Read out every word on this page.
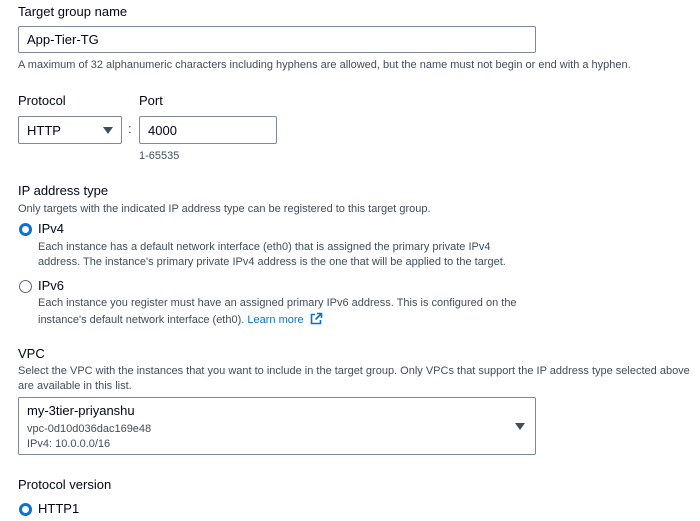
Target group name
App-Tier-TG
A maximum of 32 alphanumeric characters including hyphens are allowed, but the name must not begin or end with a hyphen.
Protocol
HTTP	:
Port
4000
1-65535
IP address type
Only targets with the indicated IP address type can be registered to this target group.
IPv4
Each instance has a default network interface (eth0) that is assigned the primary private IPv4
address. The instance's primary private IPv4 address is the one that will be applied to the target.
IPv6
Each instance you register must have an assigned primary IPv6 address. This is configured on the
instance's default network interface (eth0). Learn more
VPC
Select the VPC with the instances that you want to include in the target group. Only VPCs that support the IP address type selected above
are available in this list.
my-3tier-priyanshu
vpc-0d10d036dac169e48
IPv4: 10.0.0.0/16
Protocol version
HTTP1
